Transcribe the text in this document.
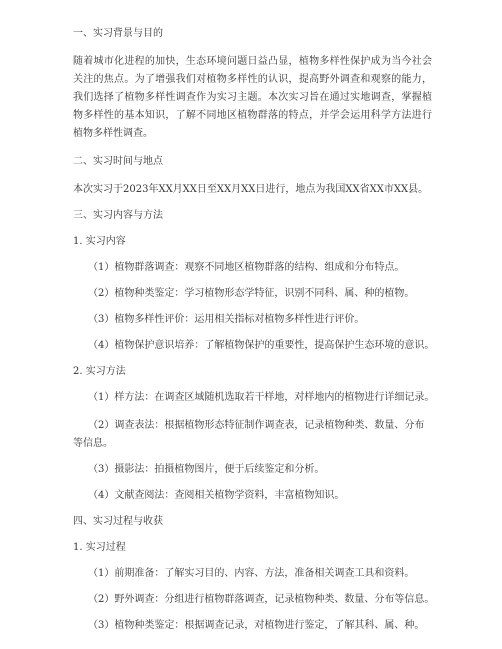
一、实习背景与目的

随着城市化进程的加快，生态环境问题日益凸显，植物多样性保护成为当今社会关注的焦点。为了增强我们对植物多样性的认识，提高野外调查和观察的能力，我们选择了植物多样性调查作为实习主题。本次实习旨在通过实地调查，掌握植物多样性的基本知识，了解不同地区植物群落的特点，并学会运用科学方法进行植物多样性调查。

二、实习时间与地点

本次实习于2023年XX月XX日至XX月XX日进行，地点为我国XX省XX市XX县。

三、实习内容与方法

1. 实习内容

（1）植物群落调查：观察不同地区植物群落的结构、组成和分布特点。

（2）植物种类鉴定：学习植物形态学特征，识别不同科、属、种的植物。

（3）植物多样性评价：运用相关指标对植物多样性进行评价。

（4）植物保护意识培养：了解植物保护的重要性，提高保护生态环境的意识。

2. 实习方法

（1）样方法：在调查区域随机选取若干样地，对样地内的植物进行详细记录。

（2）调查表法：根据植物形态特征制作调查表，记录植物种类、数量、分布等信息。

（3）摄影法：拍摄植物图片，便于后续鉴定和分析。

（4）文献查阅法：查阅相关植物学资料，丰富植物知识。

四、实习过程与收获

1. 实习过程

（1）前期准备：了解实习目的、内容、方法，准备相关调查工具和资料。

（2）野外调查：分组进行植物群落调查，记录植物种类、数量、分布等信息。

（3）植物种类鉴定：根据调查记录，对植物进行鉴定，了解其科、属、种。
